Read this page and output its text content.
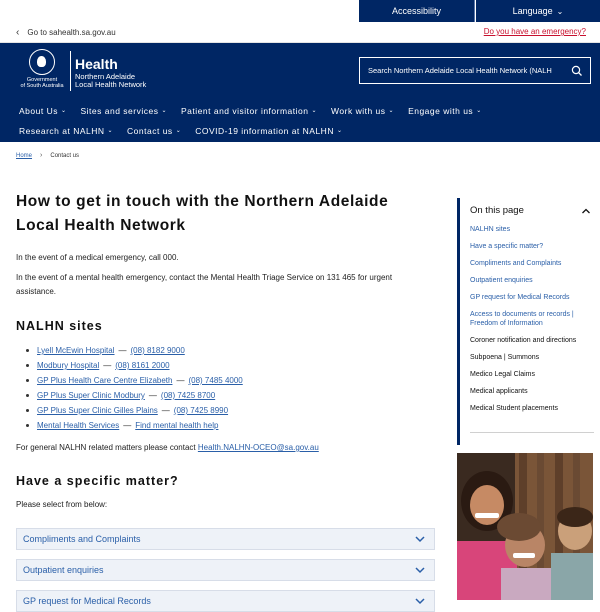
Accessibility	Language ⌄
‹ Go to sahealth.sa.gov.au	Do you have an emergency?
Government
of South Australia
Health
Northern Adelaide
Local Health Network
Search Northern Adelaide Local Health Network (NALH
About Us ⌄ Sites and services ⌄ Patient and visitor information ⌄ Work with us ⌄ Engage with us ⌄
Research at NALHN ⌄ Contact us ⌄ COVID-19 information at NALHN ⌄
Home › Contact us
How to get in touch with the Northern Adelaide
Local Health Network

In the event of a medical emergency, call 000.

In the event of a mental health emergency, contact the Mental Health Triage Service on 131 465 for urgent
assistance.

NALHN sites
Lyell McEwin Hospital — (08) 8182 9000
Modbury Hospital — (08) 8161 2000
GP Plus Health Care Centre Elizabeth — (08) 7485 4000
GP Plus Super Clinic Modbury — (08) 7425 8700
GP Plus Super Clinic Gilles Plains — (08) 7425 8990
Mental Health Services — Find mental health help

For general NALHN related matters please contact Health.NALHN-OCEO@sa.gov.au

Have a specific matter?

Please select from below:

Compliments and Complaints
Outpatient enquiries
GP request for Medical Records
On this page
NALHN sites
Have a specific matter?
Compliments and Complaints
Outpatient enquiries
GP request for Medical Records
Access to documents or records | Freedom of Information
Coroner notification and directions
Subpoena | Summons
Medico Legal Claims
Medical applicants
Medical Student placements
